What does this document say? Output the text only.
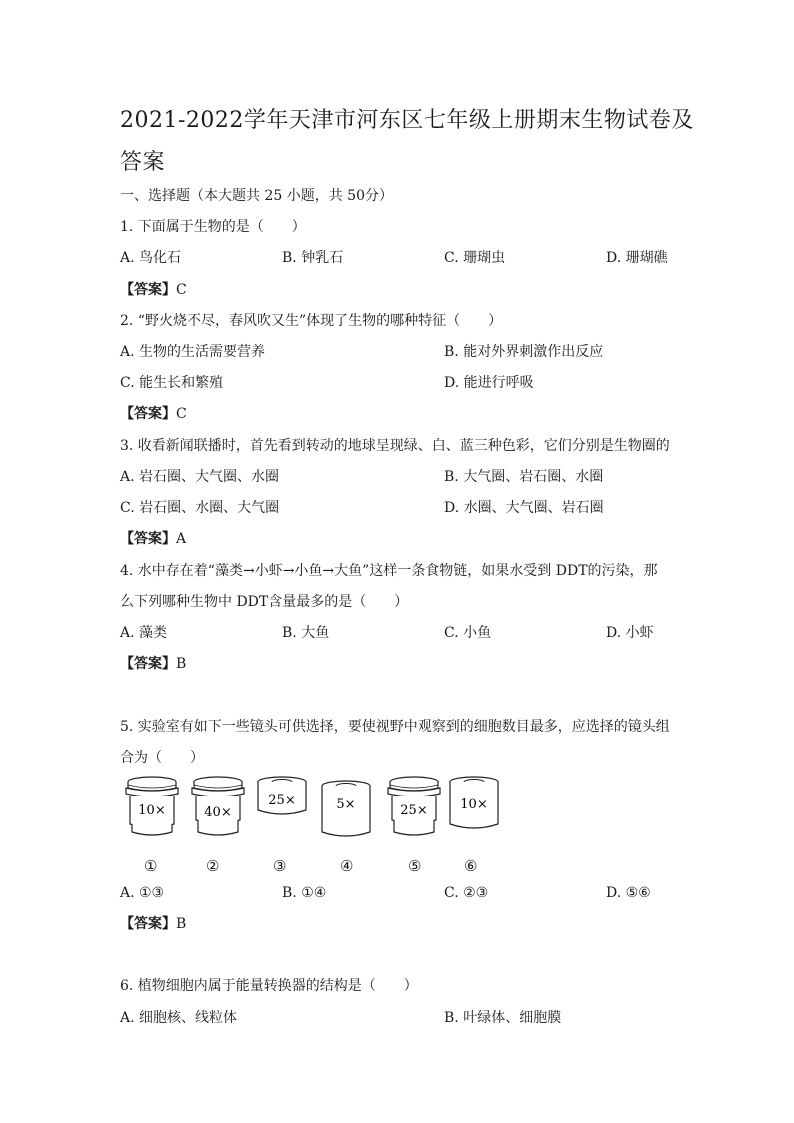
2021-2022学年天津市河东区七年级上册期末生物试卷及答案
一、选择题（本大题共 25 小题，共 50分）
1. 下面属于生物的是（　　）
A. 鸟化石	B. 钟乳石	C. 珊瑚虫	D. 珊瑚礁
【答案】C
2. “野火烧不尽，春风吹又生”体现了生物的哪种特征（　　）
A. 生物的生活需要营养	B. 能对外界刺激作出反应
C. 能生长和繁殖	D. 能进行呼吸
【答案】C
3. 收看新闻联播时，首先看到转动的地球呈现绿、白、蓝三种色彩，它们分别是生物圈的
A. 岩石圈、大气圈、水圈	B. 大气圈、岩石圈、水圈
C. 岩石圈、水圈、大气圈	D. 水圈、大气圈、岩石圈
【答案】A
4. 水中存在着“藻类→小虾→小鱼→大鱼”这样一条食物链，如果水受到 DDT的污染，那
么下列哪种生物中 DDT含量最多的是（　　）
A. 藻类	B. 大鱼	C. 小鱼	D. 小虾
【答案】B
5. 实验室有如下一些镜头可供选择，要使视野中观察到的细胞数目最多，应选择的镜头组
合为（　　）
10×	40×
25×	5×	25×	10×
①	②	③	④	⑤	⑥
A. ①③	B. ①④	C. ②③	D. ⑤⑥
【答案】B
6. 植物细胞内属于能量转换器的结构是（　　）
A. 细胞核、线粒体	B. 叶绿体、细胞膜
